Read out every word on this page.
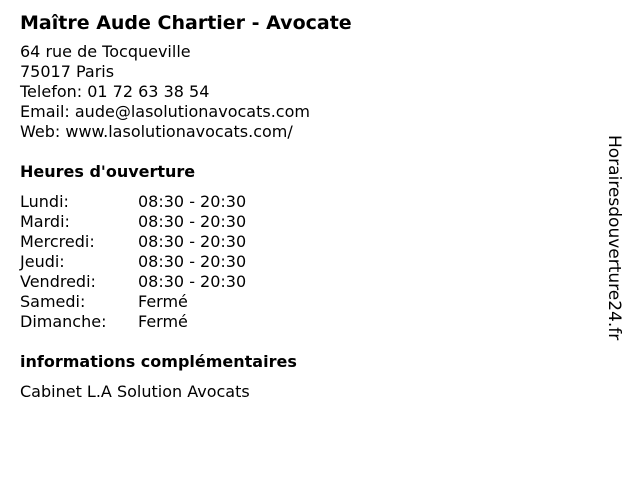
Maître Aude Chartier - Avocate
64 rue de Tocqueville
75017 Paris
Telefon: 01 72 63 38 54
Email: aude@lasolutionavocats.com
Web: www.lasolutionavocats.com/
Heures d'ouverture
Lundi:	08:30 - 20:30
Mardi:	08:30 - 20:30
Mercredi:	08:30 - 20:30
Jeudi:	08:30 - 20:30
Vendredi:	08:30 - 20:30
Samedi:	Fermé
Dimanche:	Fermé
informations complémentaires
Cabinet L.A Solution Avocats
Horairesdouverture24.fr
